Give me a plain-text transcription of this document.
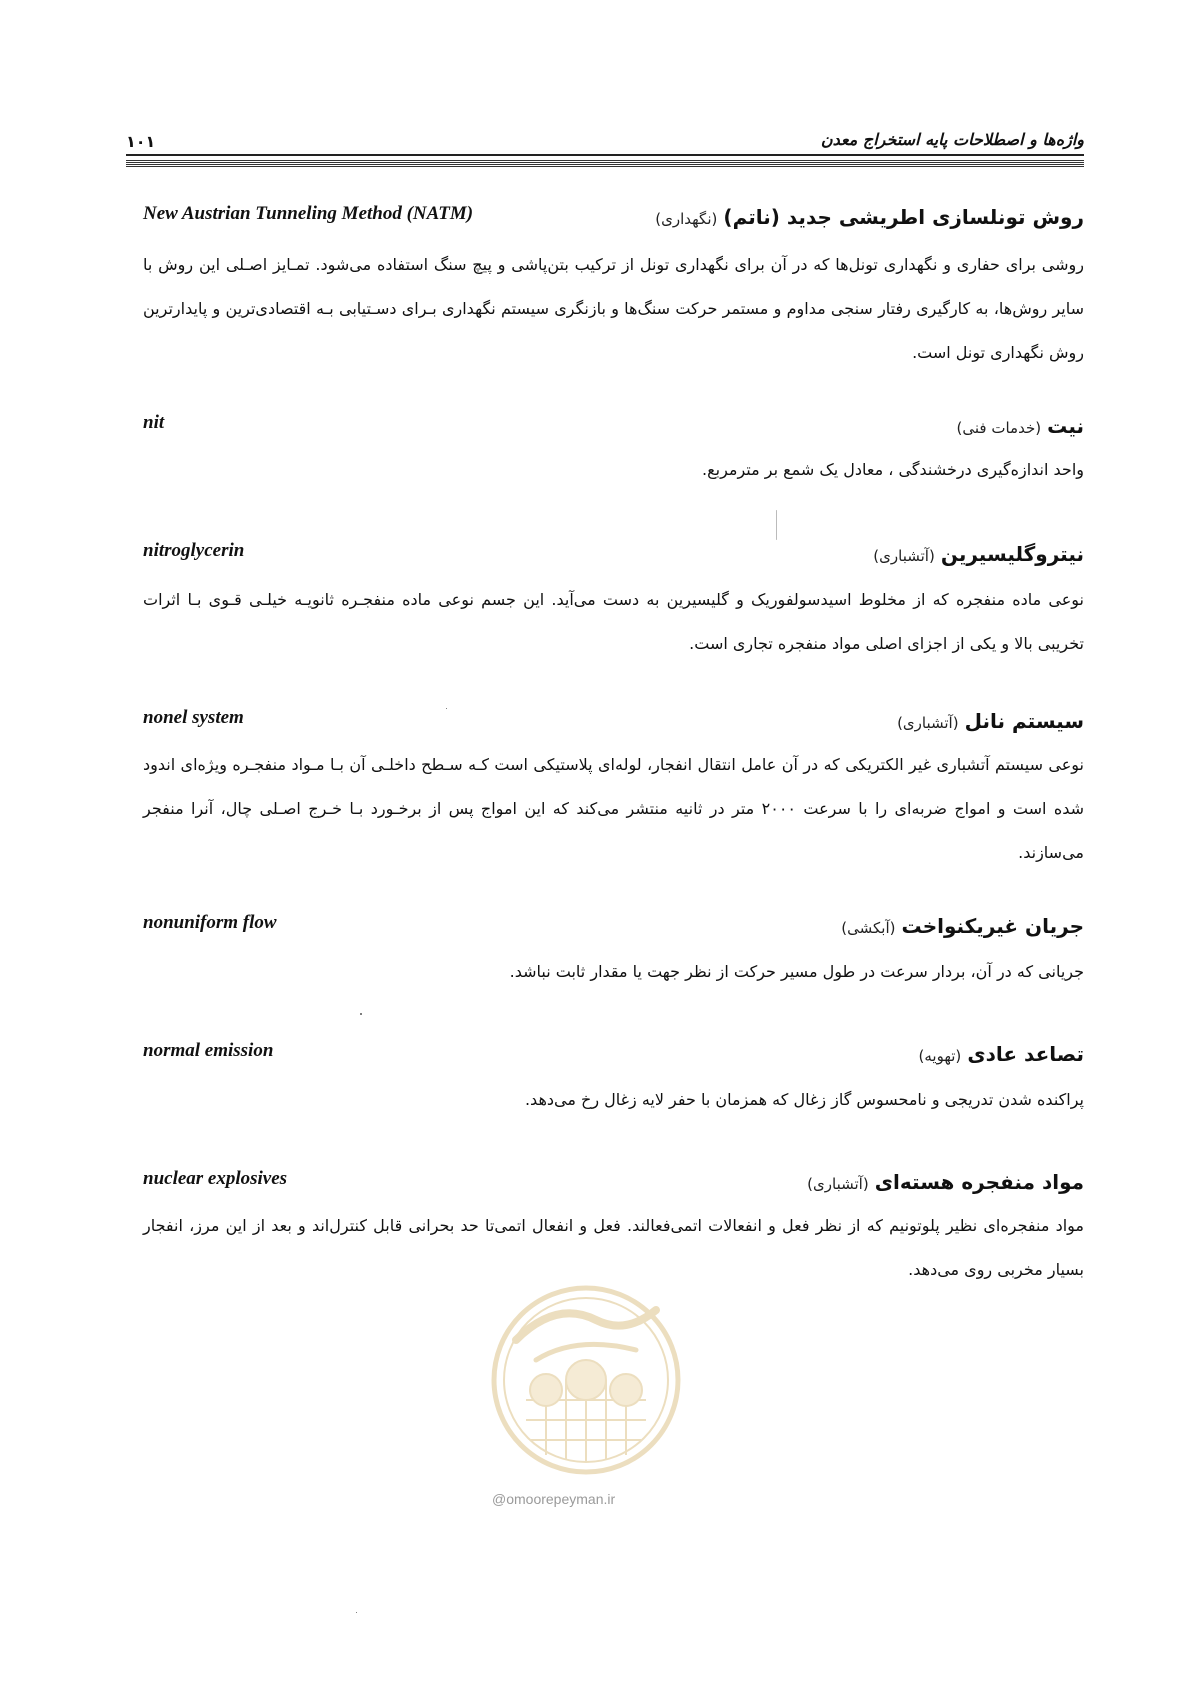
۱۰۱	واژه‌ها و اصطلاحات پایه استخراج معدن
New Austrian Tunneling Method (NATM)	روش تونلسازی اطریشی جدید (ناتم) (نگهداری)
روشی برای حفاری و نگهداری تونل‌ها که در آن برای نگهداری تونل از ترکیب بتن‌پاشی و پیچ سنگ استفاده می‌شود. تمـایز اصـلی این روش با سایر روش‌ها، به کارگیری رفتار سنجی مداوم و مستمر حرکت سنگ‌ها و بازنگری سیستم نگهداری بـرای دسـتیابی بـه اقتصادی‌ترین و پایدارترین روش نگهداری تونل است.
nit	نیت (خدمات فنی)
واحد اندازه‌گیری درخشندگی ، معادل یک شمع بر مترمربع.
nitroglycerin	نیتروگلیسیرین (آتشباری)
نوعی ماده منفجره که از مخلوط اسیدسولفوریک و گلیسیرین به دست می‌آید. این جسم نوعی ماده منفجـره ثانویـه خیلـی قـوی بـا اثرات تخریبی بالا و یکی از اجزای اصلی مواد منفجره تجاری است.
nonel system	سیستم نانل (آتشباری)
نوعی سیستم آتشباری غیر الکتریکی که در آن عامل انتقال انفجار، لوله‌ای پلاستیکی است کـه سـطح داخلـی آن بـا مـواد منفجـره ویژه‌ای اندود شده است و امواج ضربه‌ای را با سرعت ۲۰۰۰ متر در ثانیه منتشر می‌کند که این امواج پس از برخـورد بـا خـرج اصـلی چال، آنرا منفجر می‌سازند.
nonuniform flow	جریان غیریکنواخت (آبکشی)
جریانی که در آن، بردار سرعت در طول مسیر حرکت از نظر جهت یا مقدار ثابت نباشد.
normal emission	تصاعد عادی (تهویه)
پراکنده شدن تدریجی و نامحسوس گاز زغال که همزمان با حفر لایه زغال رخ می‌دهد.
nuclear explosives	مواد منفجره هسته‌ای (آتشباری)
مواد منفجره‌ای نظیر پلوتونیم که از نظر فعل و انفعالات اتمی‌فعالند. فعل و انفعال اتمی‌تا حد بحرانی قابل کنترل‌اند و بعد از این مرز، انفجار بسیار مخربی روی می‌دهد.
@omoorepeyman.ir
